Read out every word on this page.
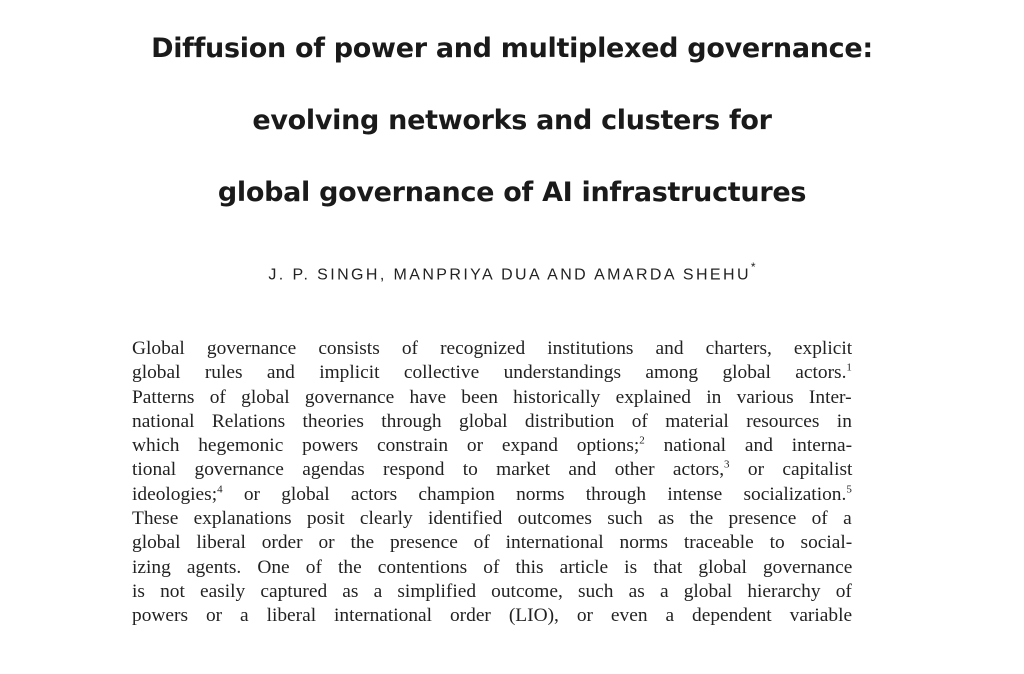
Diffusion of power and multiplexed governance:
evolving networks and clusters for
global governance of AI infrastructures
J. P. SINGH, MANPRIYA DUA AND AMARDA SHEHU*
Global governance consists of recognized institutions and charters, explicit
global rules and implicit collective understandings among global actors.$^1$
Patterns of global governance have been historically explained in various Inter-
national Relations theories through global distribution of material resources in
which hegemonic powers constrain or expand options;$^2$ national and interna-
tional governance agendas respond to market and other actors,$^3$ or capitalist
ideologies;$^4$ or global actors champion norms through intense socialization.$^5$
These explanations posit clearly identified outcomes such as the presence of a
global liberal order or the presence of international norms traceable to social-
izing agents. One of the contentions of this article is that global governance
is not easily captured as a simplified outcome, such as a global hierarchy of
powers or a liberal international order (LIO), or even a dependent variable
